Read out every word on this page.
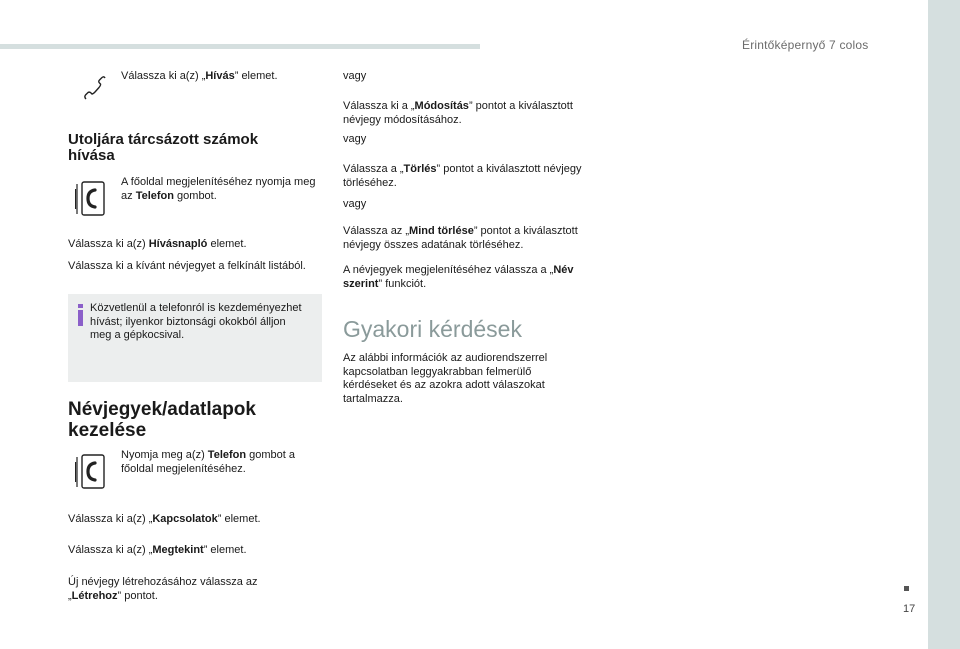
Érintőképernyő 7 colos
17
Válassza ki a(z) „Hívás” elemet.
Utoljára tárcsázott számok hívása
A főoldal megjelenítéséhez nyomja meg az Telefon gombot.
Válassza ki a(z) Hívásnapló elemet.
Válassza ki a kívánt névjegyet a felkínált listából.
Közvetlenül a telefonról is kezdeményezhet hívást; ilyenkor biztonsági okokból álljon meg a gépkocsival.
Névjegyek/adatlapok kezelése
Nyomja meg a(z) Telefon gombot a főoldal megjelenítéséhez.
Válassza ki a(z) „Kapcsolatok” elemet.
Válassza ki a(z) „Megtekint” elemet.
Új névjegy létrehozásához válassza az „Létrehoz” pontot.
vagy
Válassza ki a „Módosítás” pontot a kiválasztott névjegy módosításához.
vagy
Válassza a „Törlés” pontot a kiválasztott névjegy törléséhez.
vagy
Válassza az „Mind törlése” pontot a kiválasztott névjegy összes adatának törléséhez.
A névjegyek megjelenítéséhez válassza a „Név szerint” funkciót.
Gyakori kérdések
Az alábbi információk az audiorendszerrel kapcsolatban leggyakrabban felmerülő kérdéseket és az azokra adott válaszokat tartalmazza.
